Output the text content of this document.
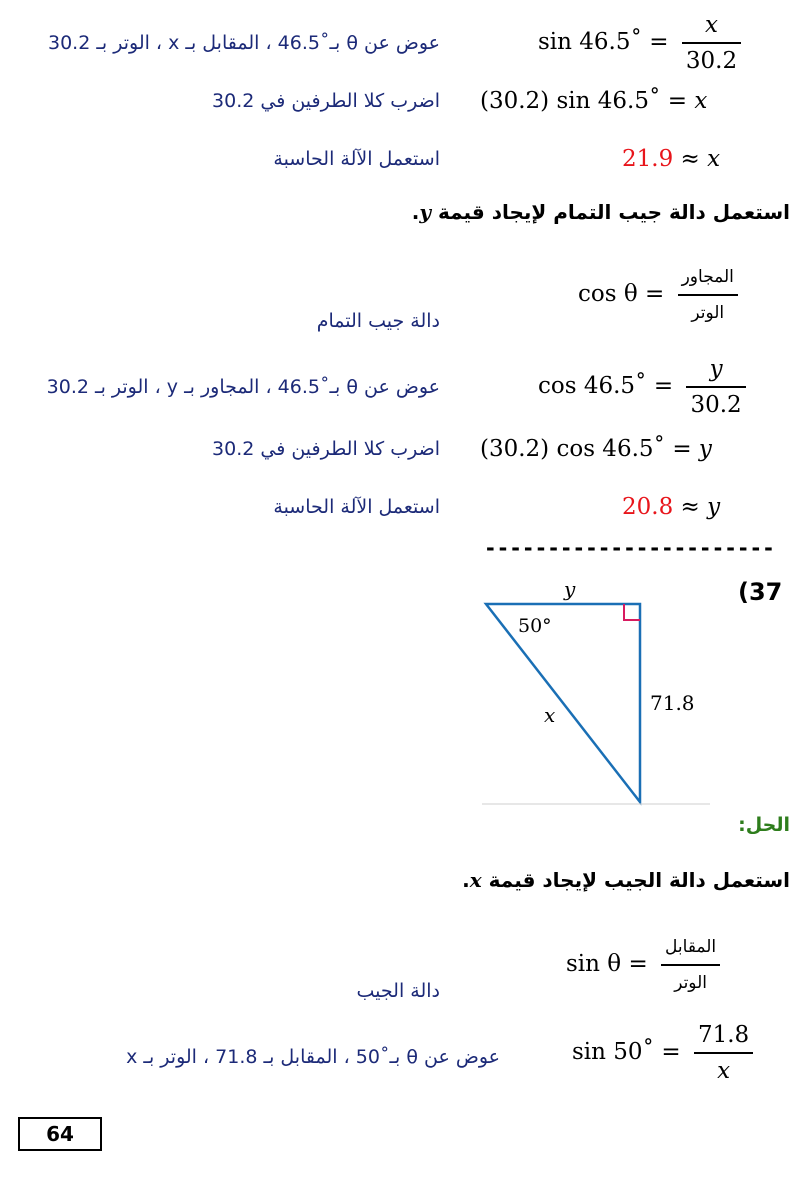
عوض عن θ بـ˚46.5 ، المقابل بـ x ، الوتر بـ 30.2	sin 46.5˚ = $\frac{x}{30.2}$
اضرب كلا الطرفين في 30.2 (30.2) sin 46.5˚ = x
استعمل الآلة الحاسبة	21.9 ≈ x
استعمل دالة جيب التمام لإيجاد قيمة y.
دالة جيب التمام
$\cos \theta = \frac{\text{المجاور}}{\text{الوتر}}$
عوض عن θ بـ˚46.5 ، المجاور بـ y ، الوتر بـ 30.2	cos 46.5˚ = $\frac{y}{30.2}$
اضرب كلا الطرفين في 30.2 (30.2) cos 46.5˚ = y
استعمل الآلة الحاسبة	20.8 ≈ y
-----------------------
(37
y
50°
x	71.8
الحل:
استعمل دالة الجيب لإيجاد قيمة x.
دالة الجيب
$\sin \theta = \frac{\text{المقابل}}{\text{الوتر}}$
عوض عن θ بـ˚50 ، المقابل بـ 71.8 ، الوتر بـ x	sin 50˚ = $\frac{71.8}{x}$
64
